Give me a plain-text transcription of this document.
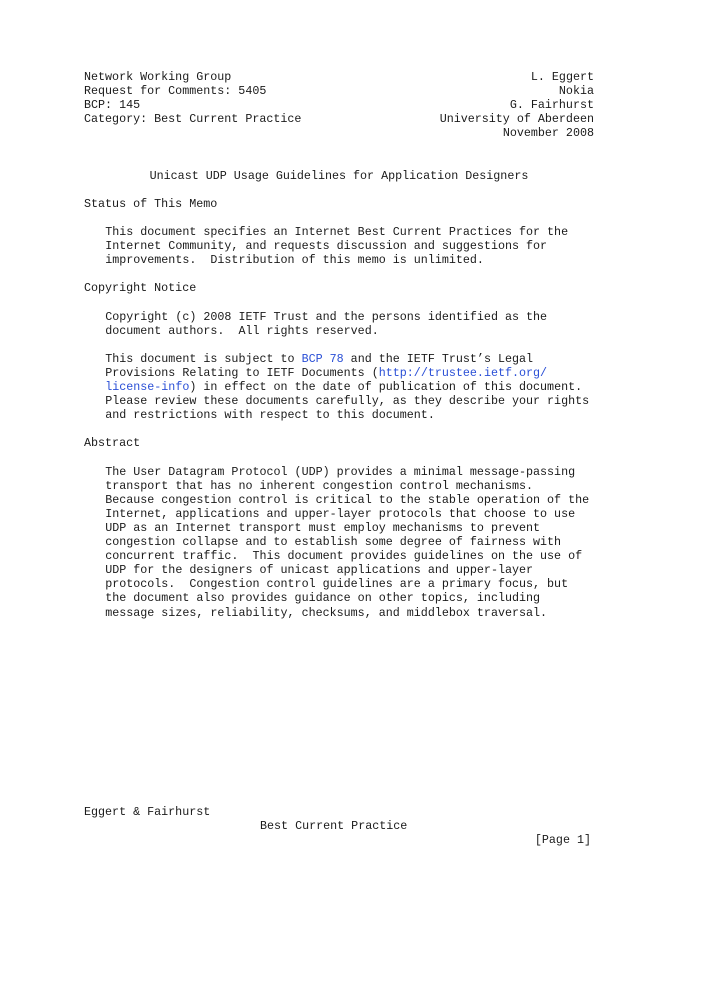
Network Working Group	L. Eggert
Request for Comments: 5405	Nokia
BCP: 145	G. Fairhurst
Category: Best Current Practice	University of Aberdeen
November 2008
Unicast UDP Usage Guidelines for Application Designers
Status of This Memo
This document specifies an Internet Best Current Practices for the
Internet Community, and requests discussion and suggestions for
improvements.  Distribution of this memo is unlimited.
Copyright Notice
Copyright (c) 2008 IETF Trust and the persons identified as the
document authors.  All rights reserved.
This document is subject to BCP 78 and the IETF Trust’s Legal
Provisions Relating to IETF Documents (http://trustee.ietf.org/
license-info) in effect on the date of publication of this document.
Please review these documents carefully, as they describe your rights
and restrictions with respect to this document.
Abstract
The User Datagram Protocol (UDP) provides a minimal message-passing
transport that has no inherent congestion control mechanisms.
Because congestion control is critical to the stable operation of the
Internet, applications and upper-layer protocols that choose to use
UDP as an Internet transport must employ mechanisms to prevent
congestion collapse and to establish some degree of fairness with
concurrent traffic.  This document provides guidelines on the use of
UDP for the designers of unicast applications and upper-layer
protocols.  Congestion control guidelines are a primary focus, but
the document also provides guidance on other topics, including
message sizes, reliability, checksums, and middlebox traversal.

Eggert & Fairhurst

Best Current Practice

[Page 1]
